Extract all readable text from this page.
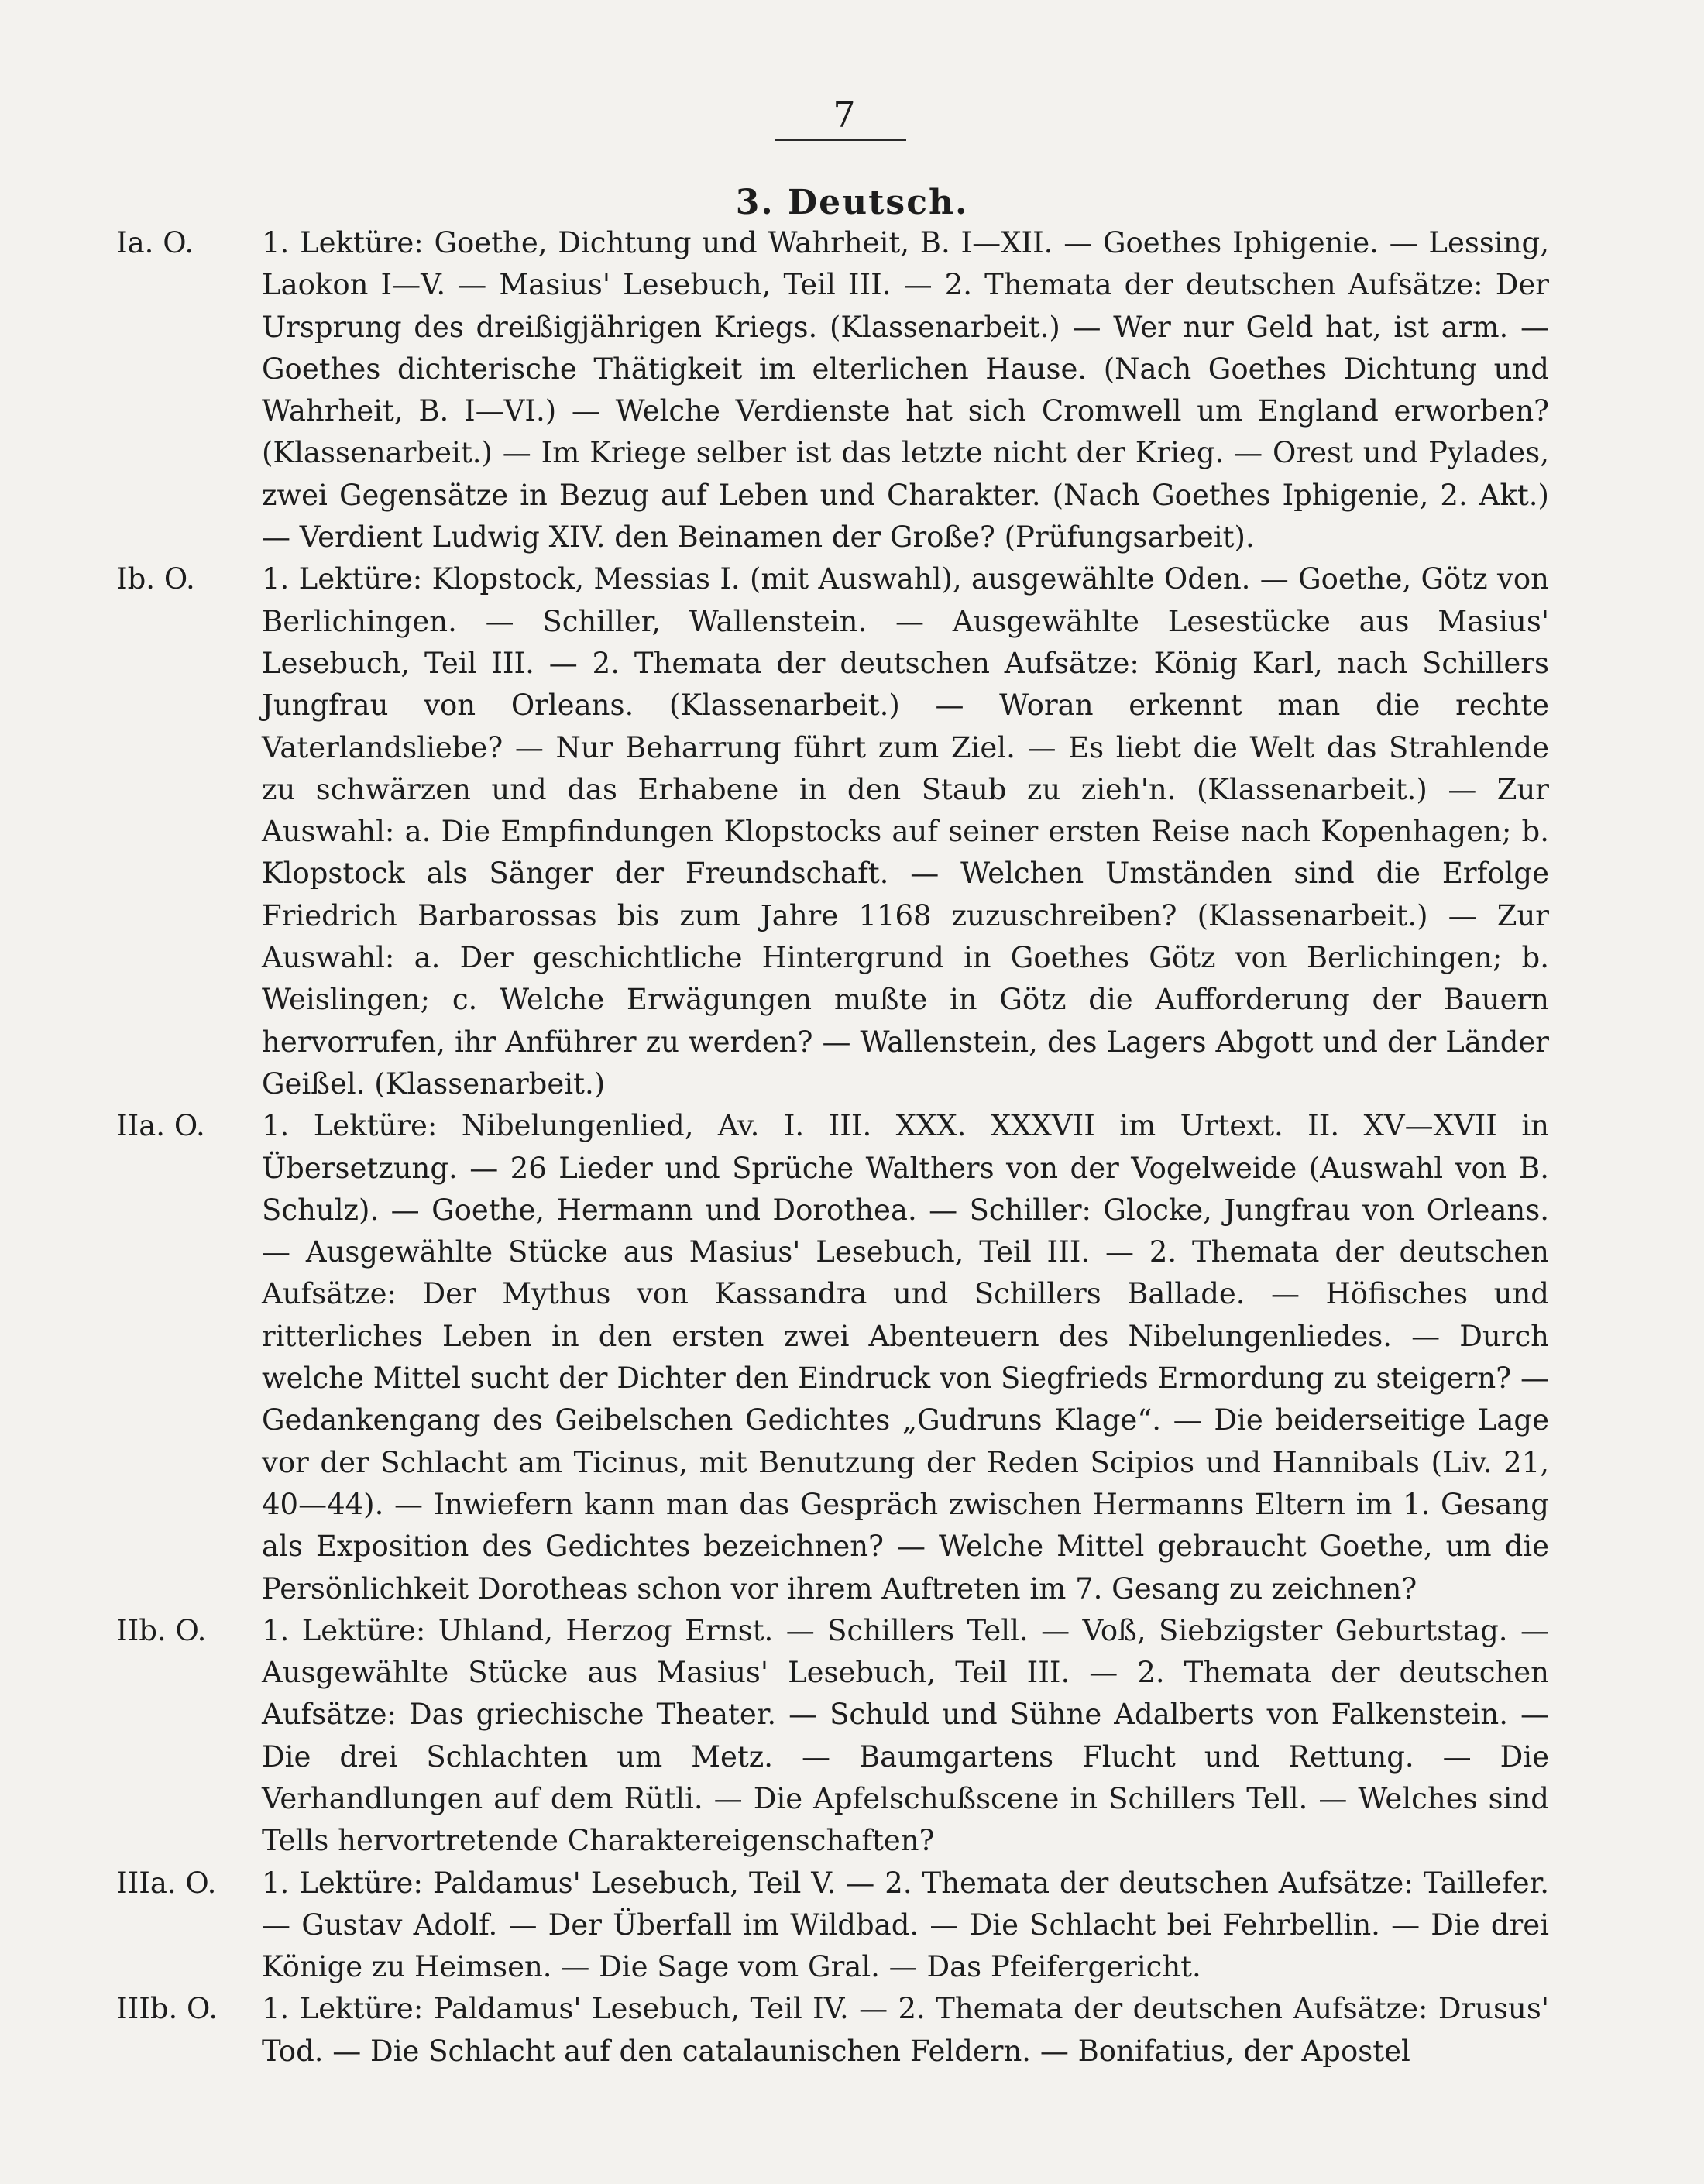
7
3. Deutsch.
Ia. O.	1. Lektüre: Goethe, Dichtung und Wahrheit, B. I—XII. — Goethes Iphigenie. — Lessing, Laokon I—V. — Masius' Lesebuch, Teil III. — 2. Themata der deutschen Aufsätze: Der Ursprung des dreißigjährigen Kriegs. (Klassenarbeit.) — Wer nur Geld hat, ist arm. — Goethes dichterische Thätigkeit im elterlichen Hause. (Nach Goethes Dichtung und Wahrheit, B. I—VI.) — Welche Verdienste hat sich Cromwell um England erworben? (Klassenarbeit.) — Im Kriege selber ist das letzte nicht der Krieg. — Orest und Pylades, zwei Gegensätze in Bezug auf Leben und Charakter. (Nach Goethes Iphigenie, 2. Akt.) — Verdient Ludwig XIV. den Beinamen der Große? (Prüfungsarbeit).
Ib. O.	1. Lektüre: Klopstock, Messias I. (mit Auswahl), ausgewählte Oden. — Goethe, Götz von Berlichingen. — Schiller, Wallenstein. — Ausgewählte Lesestücke aus Masius' Lesebuch, Teil III. — 2. Themata der deutschen Aufsätze: König Karl, nach Schillers Jungfrau von Orleans. (Klassenarbeit.) — Woran erkennt man die rechte Vaterlandsliebe? — Nur Beharrung führt zum Ziel. — Es liebt die Welt das Strahlende zu schwärzen und das Erhabene in den Staub zu zieh'n. (Klassenarbeit.) — Zur Auswahl: a. Die Empfindungen Klopstocks auf seiner ersten Reise nach Kopenhagen; b. Klopstock als Sänger der Freundschaft. — Welchen Umständen sind die Erfolge Friedrich Barbarossas bis zum Jahre 1168 zuzuschreiben? (Klassenarbeit.) — Zur Auswahl: a. Der geschichtliche Hintergrund in Goethes Götz von Berlichingen; b. Weislingen; c. Welche Erwägungen mußte in Götz die Aufforderung der Bauern hervorrufen, ihr Anführer zu werden? — Wallenstein, des Lagers Abgott und der Länder Geißel. (Klassenarbeit.)
IIa. O.	1. Lektüre: Nibelungenlied, Av. I. III. XXX. XXXVII im Urtext. II. XV—XVII in Übersetzung. — 26 Lieder und Sprüche Walthers von der Vogelweide (Auswahl von B. Schulz). — Goethe, Hermann und Dorothea. — Schiller: Glocke, Jungfrau von Orleans. — Ausgewählte Stücke aus Masius' Lesebuch, Teil III. — 2. Themata der deutschen Aufsätze: Der Mythus von Kassandra und Schillers Ballade. — Höfisches und ritterliches Leben in den ersten zwei Abenteuern des Nibelungenliedes. — Durch welche Mittel sucht der Dichter den Eindruck von Siegfrieds Ermordung zu steigern? — Gedankengang des Geibelschen Gedichtes „Gudruns Klage“. — Die beiderseitige Lage vor der Schlacht am Ticinus, mit Benutzung der Reden Scipios und Hannibals (Liv. 21, 40—44). — Inwiefern kann man das Gespräch zwischen Hermanns Eltern im 1. Gesang als Exposition des Gedichtes bezeichnen? — Welche Mittel gebraucht Goethe, um die Persönlichkeit Dorotheas schon vor ihrem Auftreten im 7. Gesang zu zeichnen?
IIb. O.	1. Lektüre: Uhland, Herzog Ernst. — Schillers Tell. — Voß, Siebzigster Geburtstag. — Ausgewählte Stücke aus Masius' Lesebuch, Teil III. — 2. Themata der deutschen Aufsätze: Das griechische Theater. — Schuld und Sühne Adalberts von Falkenstein. — Die drei Schlachten um Metz. — Baumgartens Flucht und Rettung. — Die Verhandlungen auf dem Rütli. — Die Apfelschußscene in Schillers Tell. — Welches sind Tells hervortretende Charaktereigenschaften?
IIIa. O.	1. Lektüre: Paldamus' Lesebuch, Teil V. — 2. Themata der deutschen Aufsätze: Taillefer. — Gustav Adolf. — Der Überfall im Wildbad. — Die Schlacht bei Fehrbellin. — Die drei Könige zu Heimsen. — Die Sage vom Gral. — Das Pfeifergericht.
IIIb. O.	1. Lektüre: Paldamus' Lesebuch, Teil IV. — 2. Themata der deutschen Aufsätze: Drusus' Tod. — Die Schlacht auf den catalaunischen Feldern. — Bonifatius, der Apostel
